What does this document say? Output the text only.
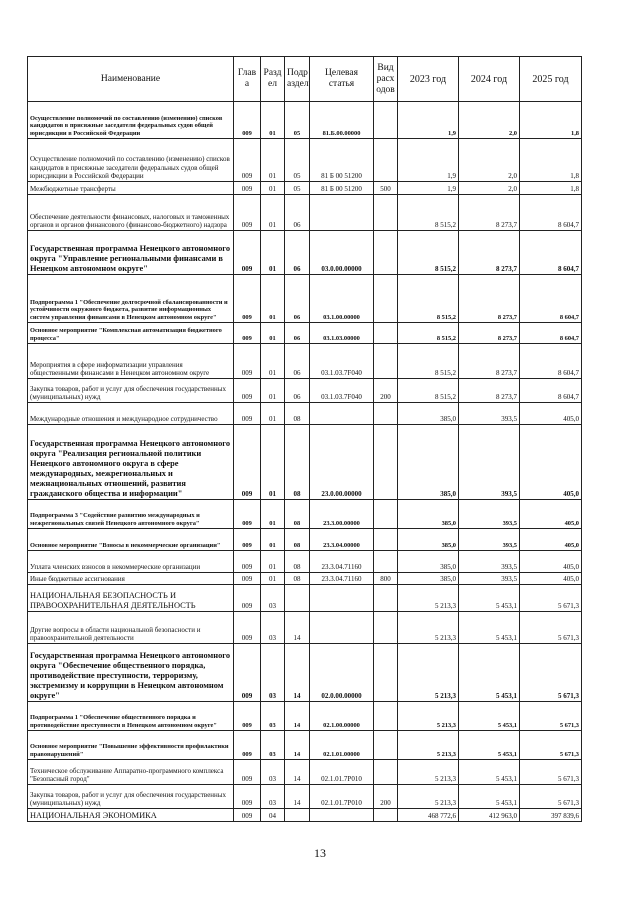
Наименование	Глав а	Разд ел	Подр аздел	Целевая статья	Вид расх одов	2023 год	2024 год	2025 год
Осуществление полномочий по составлению (изменению) списков кандидатов в присяжные заседатели федеральных судов общей юрисдикции в Российской Федерации	009	01	05	81.Б.00.00000		1,9	2,0	1,8
Осуществление полномочий по составлению (изменению) списков кандидатов в присяжные заседатели федеральных судов общей юрисдикции в Российской Федерации	009	01	05	81 Б 00 51200		1,9	2,0	1,8
Межбюджетные трансферты	009	01	05	81 Б 00 51200	500	1,9	2,0	1,8
Обеспечение деятельности финансовых, налоговых и таможенных органов и органов финансового (финансово-бюджетного) надзора	009	01	06			8 515,2	8 273,7	8 604,7
Государственная программа Ненецкого автономного округа "Управление региональными финансами в Ненецком автономном округе"	009	01	06	03.0.00.00000		8 515,2	8 273,7	8 604,7
Подпрограмма 1 "Обеспечение долгосрочной сбалансированности и устойчивости окружного бюджета, развитие информационных систем управления финансами в Ненецком автономном округе"	009	01	06	03.1.00.00000		8 515,2	8 273,7	8 604,7
Основное мероприятие "Комплексная автоматизация бюджетного процесса"	009	01	06	03.1.03.00000		8 515,2	8 273,7	8 604,7
Мероприятия в сфере информатизации управления общественными финансами в Ненецком автономном округе	009	01	06	03.1.03.7F040		8 515,2	8 273,7	8 604,7
Закупка товаров, работ и услуг для обеспечения государственных (муниципальных) нужд	009	01	06	03.1.03.7F040	200	8 515,2	8 273,7	8 604,7
Международные отношения и международное сотрудничество	009	01	08			385,0	393,5	405,0
Государственная программа Ненецкого автономного округа "Реализация региональной политики Ненецкого автономного округа в сфере международных, межрегиональных и межнациональных отношений, развития гражданского общества и информации"	009	01	08	23.0.00.00000		385,0	393,5	405,0
Подпрограмма 3 "Содействие развитию международных и межрегиональных связей Ненецкого автономного округа"	009	01	08	23.3.00.00000		385,0	393,5	405,0
Основное мероприятие "Взносы в некоммерческие организации"	009	01	08	23.3.04.00000		385,0	393,5	405,0
Уплата членских взносов в некоммерческие организации	009	01	08	23.3.04.71160		385,0	393,5	405,0
Иные бюджетные ассигнования	009	01	08	23.3.04.71160	800	385,0	393,5	405,0
НАЦИОНАЛЬНАЯ БЕЗОПАСНОСТЬ И ПРАВООХРАНИТЕЛЬНАЯ ДЕЯТЕЛЬНОСТЬ	009	03				5 213,3	5 453,1	5 671,3
Другие вопросы в области национальной безопасности и правоохранительной деятельности	009	03	14			5 213,3	5 453,1	5 671,3
Государственная программа Ненецкого автономного округа "Обеспечение общественного порядка, противодействие преступности, терроризму, экстремизму и коррупции в Ненецком автономном округе"	009	03	14	02.0.00.00000		5 213,3	5 453,1	5 671,3
Подпрограмма 1 "Обеспечение общественного порядка и противодействие преступности в Ненецком автономном округе"	009	03	14	02.1.00.00000		5 213,3	5 453,1	5 671,3
Основное мероприятие "Повышение эффективности профилактики правонарушений"	009	03	14	02.1.01.00000		5 213,3	5 453,1	5 671,3
Техническое обслуживание Аппаратно-программного комплекса "Безопасный город"	009	03	14	02.1.01.7Р010		5 213,3	5 453,1	5 671,3
Закупка товаров, работ и услуг для обеспечения государственных (муниципальных) нужд	009	03	14	02.1.01.7Р010	200	5 213,3	5 453,1	5 671,3
НАЦИОНАЛЬНАЯ ЭКОНОМИКА	009	04				468 772,6	412 963,0	397 839,6
13
